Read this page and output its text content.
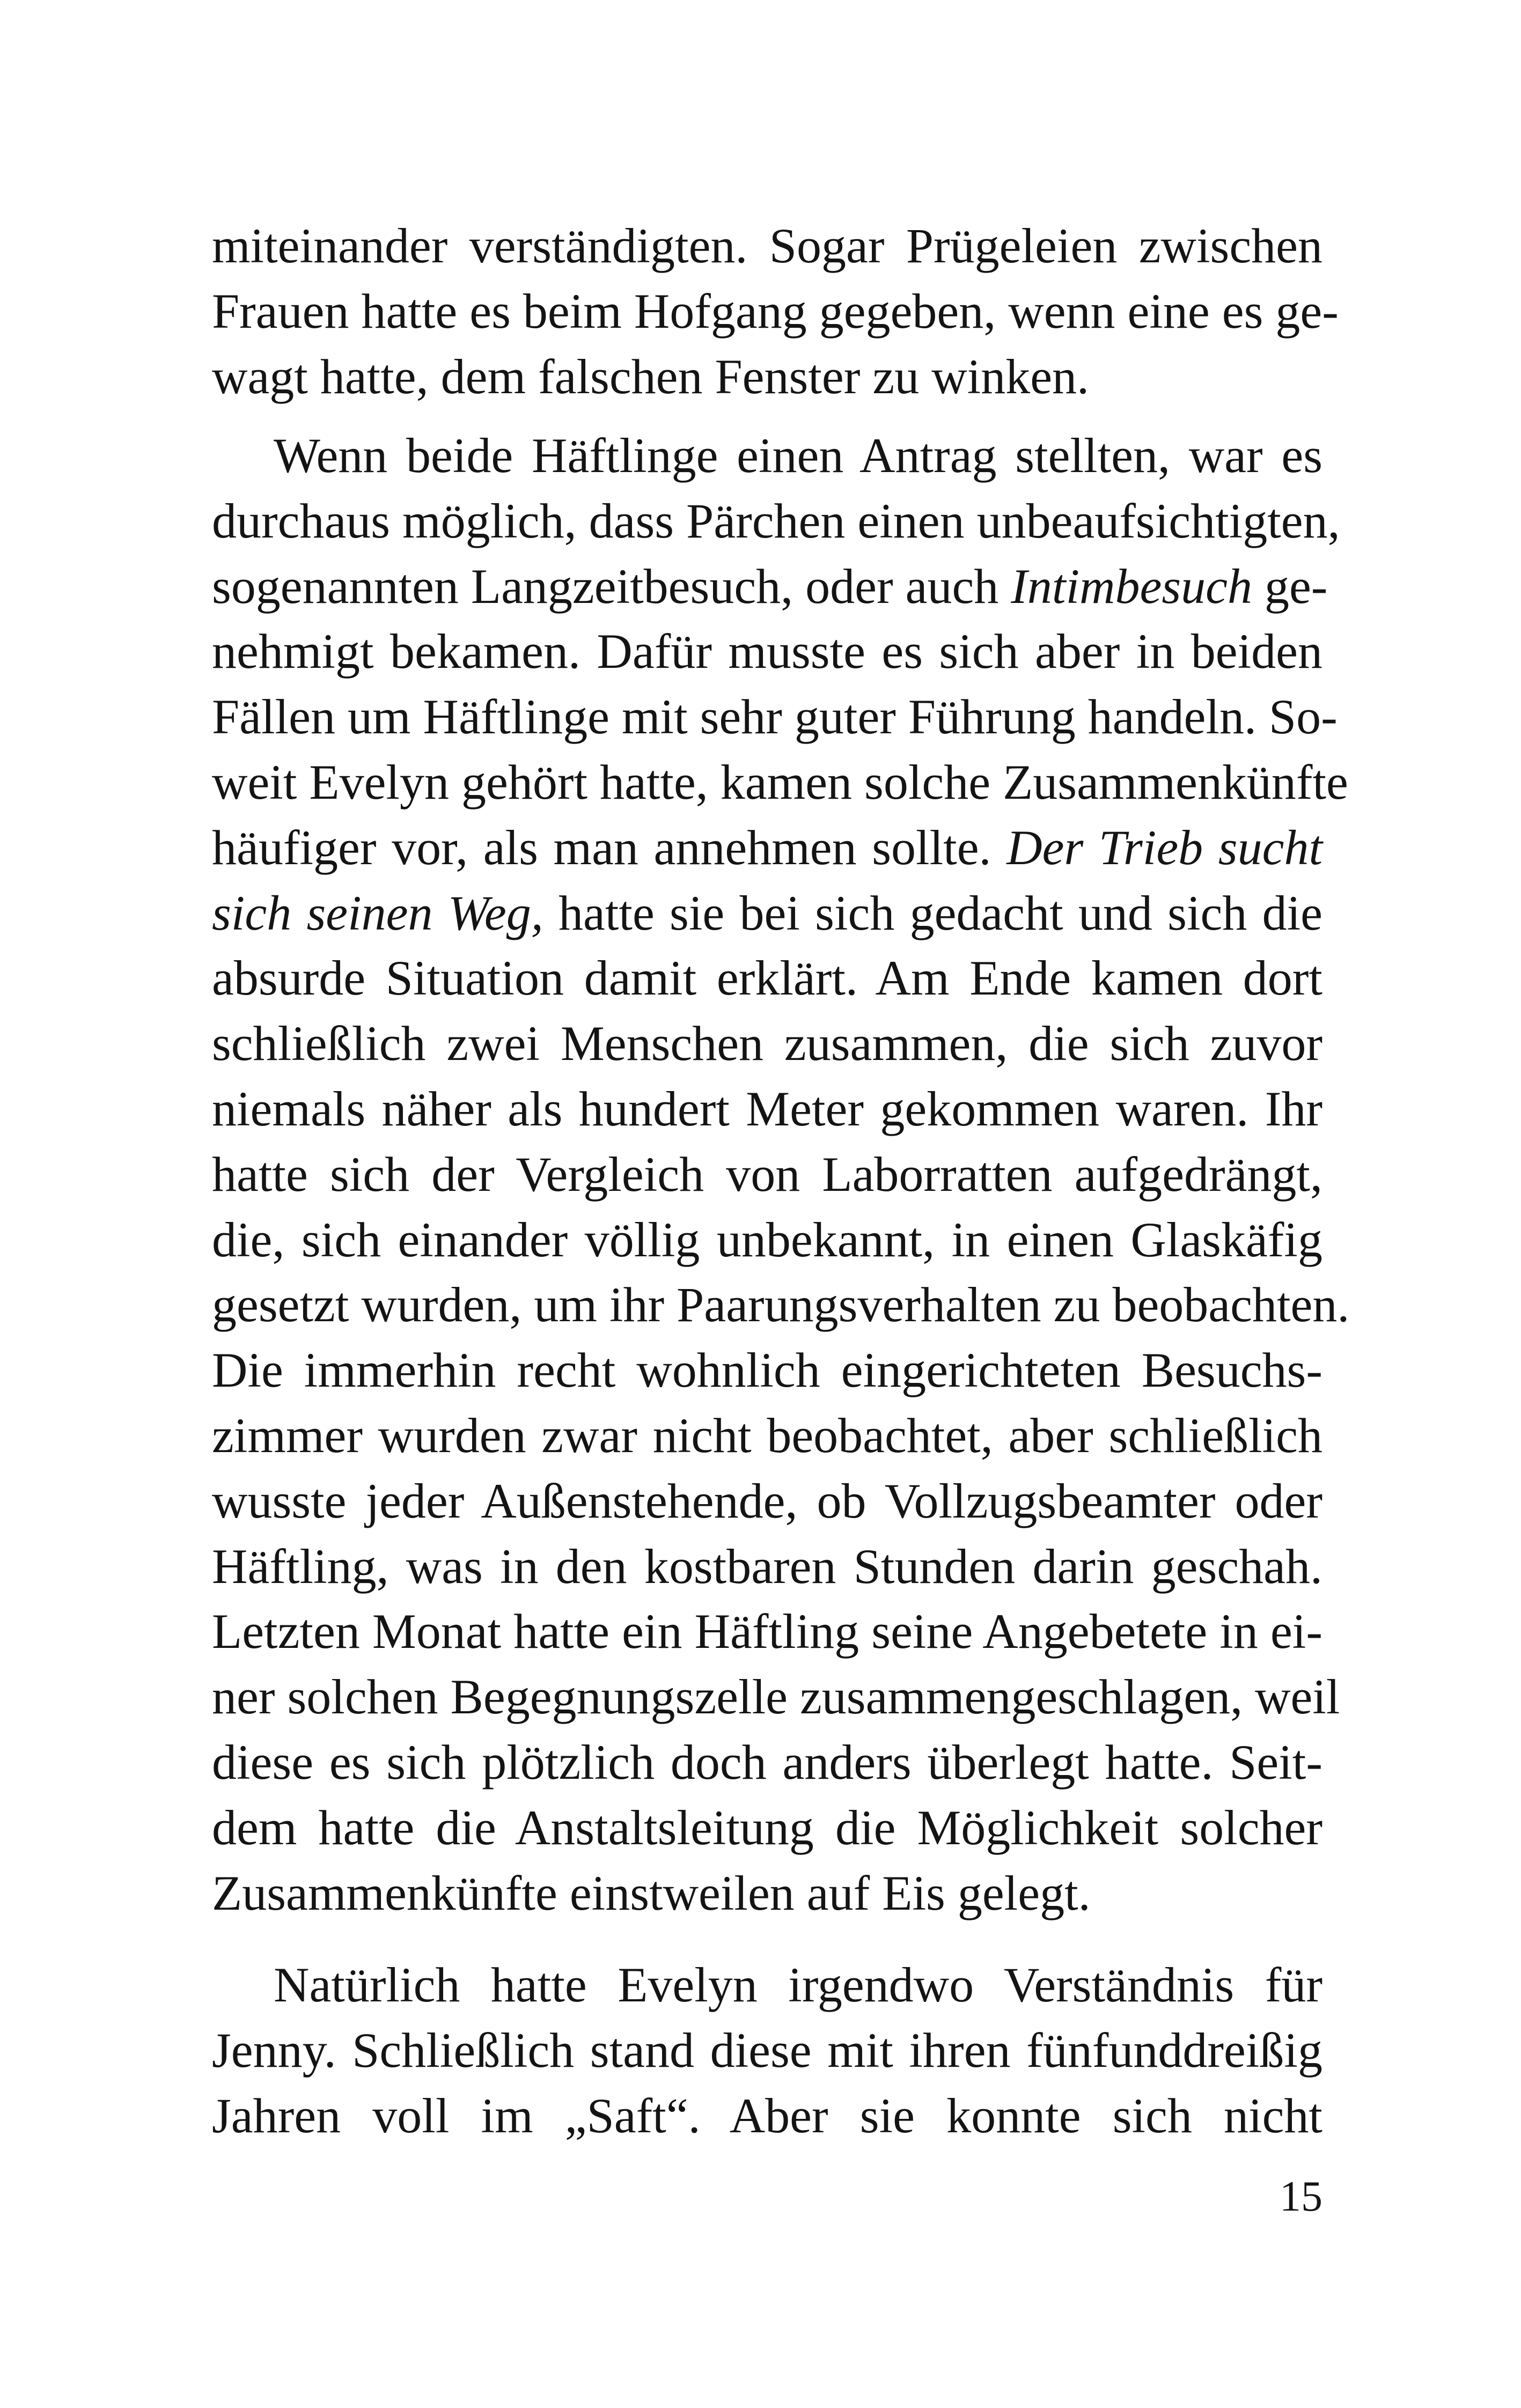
miteinander verständigten. Sogar Prügeleien zwischen
Frauen hatte es beim Hofgang gegeben, wenn eine es ge-
wagt hatte, dem falschen Fenster zu winken.
Wenn beide Häftlinge einen Antrag stellten, war es
durchaus möglich, dass Pärchen einen unbeaufsichtigten,
sogenannten Langzeitbesuch, oder auch Intimbesuch ge-
nehmigt bekamen. Dafür musste es sich aber in beiden
Fällen um Häftlinge mit sehr guter Führung handeln. So-
weit Evelyn gehört hatte, kamen solche Zusammenkünfte
häufiger vor, als man annehmen sollte. Der Trieb sucht
sich seinen Weg, hatte sie bei sich gedacht und sich die
absurde Situation damit erklärt. Am Ende kamen dort
schließlich zwei Menschen zusammen, die sich zuvor
niemals näher als hundert Meter gekommen waren. Ihr
hatte sich der Vergleich von Laborratten aufgedrängt,
die, sich einander völlig unbekannt, in einen Glaskäfig
gesetzt wurden, um ihr Paarungsverhalten zu beobachten.
Die immerhin recht wohnlich eingerichteten Besuchs-
zimmer wurden zwar nicht beobachtet, aber schließlich
wusste jeder Außenstehende, ob Vollzugsbeamter oder
Häftling, was in den kostbaren Stunden darin geschah.
Letzten Monat hatte ein Häftling seine Angebetete in ei-
ner solchen Begegnungszelle zusammengeschlagen, weil
diese es sich plötzlich doch anders überlegt hatte. Seit-
dem hatte die Anstaltsleitung die Möglichkeit solcher
Zusammenkünfte einstweilen auf Eis gelegt.
Natürlich hatte Evelyn irgendwo Verständnis für
Jenny. Schließlich stand diese mit ihren fünfunddreißig
Jahren voll im „Saft“. Aber sie konnte sich nicht
15
